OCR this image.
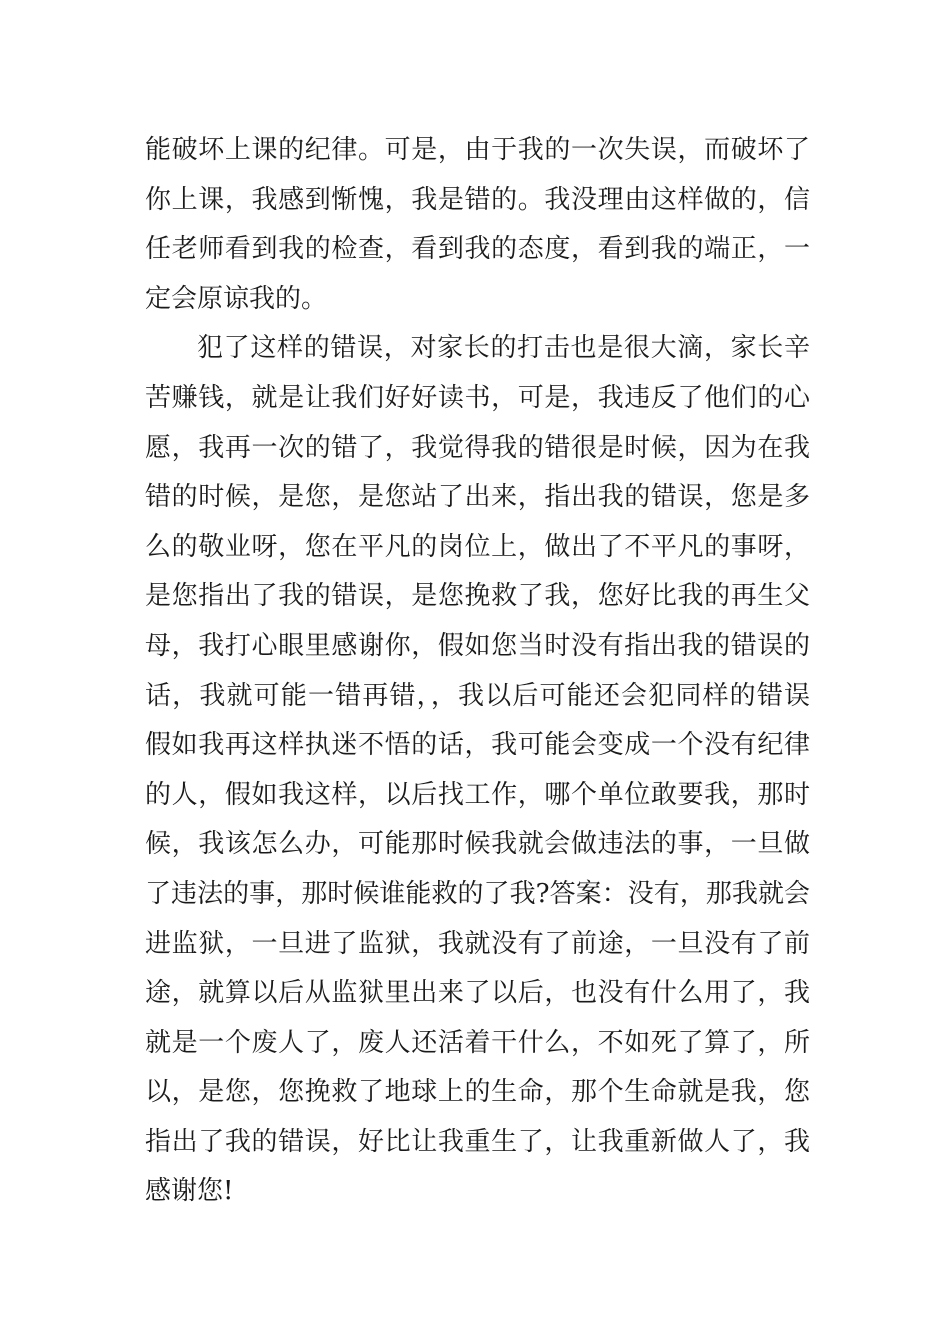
能破坏上课的纪律。可是，由于我的一次失误，而破坏了
你上课，我感到惭愧，我是错的。我没理由这样做的，信
任老师看到我的检查，看到我的态度，看到我的端正，一
定会原谅我的。
犯了这样的错误，对家长的打击也是很大滴，家长辛
苦赚钱，就是让我们好好读书，可是，我违反了他们的心
愿，我再一次的错了，我觉得我的错很是时候，因为在我
错的时候，是您，是您站了出来，指出我的错误，您是多
么的敬业呀，您在平凡的岗位上，做出了不平凡的事呀，
是您指出了我的错误，是您挽救了我，您好比我的再生父
母，我打心眼里感谢你，假如您当时没有指出我的错误的
话，我就可能一错再错，，我以后可能还会犯同样的错误
假如我再这样执迷不悟的话，我可能会变成一个没有纪律
的人，假如我这样，以后找工作，哪个单位敢要我，那时
候，我该怎么办，可能那时候我就会做违法的事，一旦做
了违法的事，那时候谁能救的了我?答案：没有，那我就会
进监狱，一旦进了监狱，我就没有了前途，一旦没有了前
途，就算以后从监狱里出来了以后，也没有什么用了，我
就是一个废人了，废人还活着干什么，不如死了算了，所
以，是您，您挽救了地球上的生命，那个生命就是我，您
指出了我的错误，好比让我重生了，让我重新做人了，我
感谢您!
